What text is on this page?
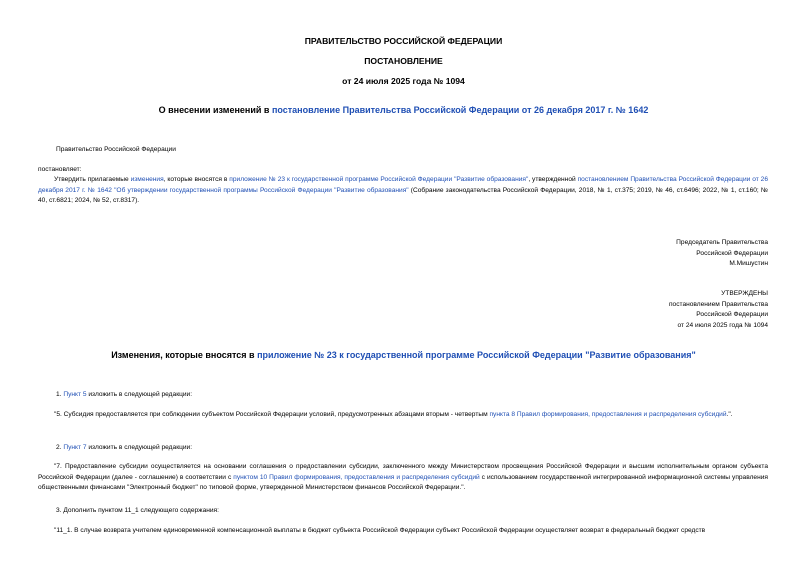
ПРАВИТЕЛЬСТВО РОССИЙСКОЙ ФЕДЕРАЦИИ
ПОСТАНОВЛЕНИЕ
от 24 июля 2025 года № 1094
О внесении изменений в постановление Правительства Российской Федерации от 26 декабря 2017 г. № 1642
Правительство Российской Федерации
постановляет:
Утвердить прилагаемые изменения, которые вносятся в приложение № 23 к государственной программе Российской Федерации "Развитие образования", утвержденной постановлением Правительства Российской Федерации от 26 декабря 2017 г. № 1642 "Об утверждении государственной программы Российской Федерации "Развитие образования" (Собрание законодательства Российской Федерации, 2018, № 1, ст.375; 2019, № 46, ст.6496; 2022, № 1, ст.160; № 40, ст.6821; 2024, № 52, ст.8317).
Председатель Правительства
Российской Федерации
М.Мишустин
УТВЕРЖДЕНЫ
постановлением Правительства
Российской Федерации
от 24 июля 2025 года № 1094
Изменения, которые вносятся в приложение № 23 к государственной программе Российской Федерации "Развитие образования"
1. Пункт 5 изложить в следующей редакции:
"5. Субсидия предоставляется при соблюдении субъектом Российской Федерации условий, предусмотренных абзацами вторым - четвертым пункта 8 Правил формирования, предоставления и распределения субсидий.".
2. Пункт 7 изложить в следующей редакции:
"7. Предоставление субсидии осуществляется на основании соглашения о предоставлении субсидии, заключенного между Министерством просвещения Российской Федерации и высшим исполнительным органом субъекта Российской Федерации (далее - соглашение) в соответствии с пунктом 10 Правил формирования, предоставления и распределения субсидий с использованием государственной интегрированной информационной системы управления общественными финансами "Электронный бюджет" по типовой форме, утвержденной Министерством финансов Российской Федерации.".
3. Дополнить пунктом 11_1 следующего содержания:
"11_1. В случае возврата учителем единовременной компенсационной выплаты в бюджет субъекта Российской Федерации субъект Российской Федерации осуществляет возврат в федеральный бюджет средств
